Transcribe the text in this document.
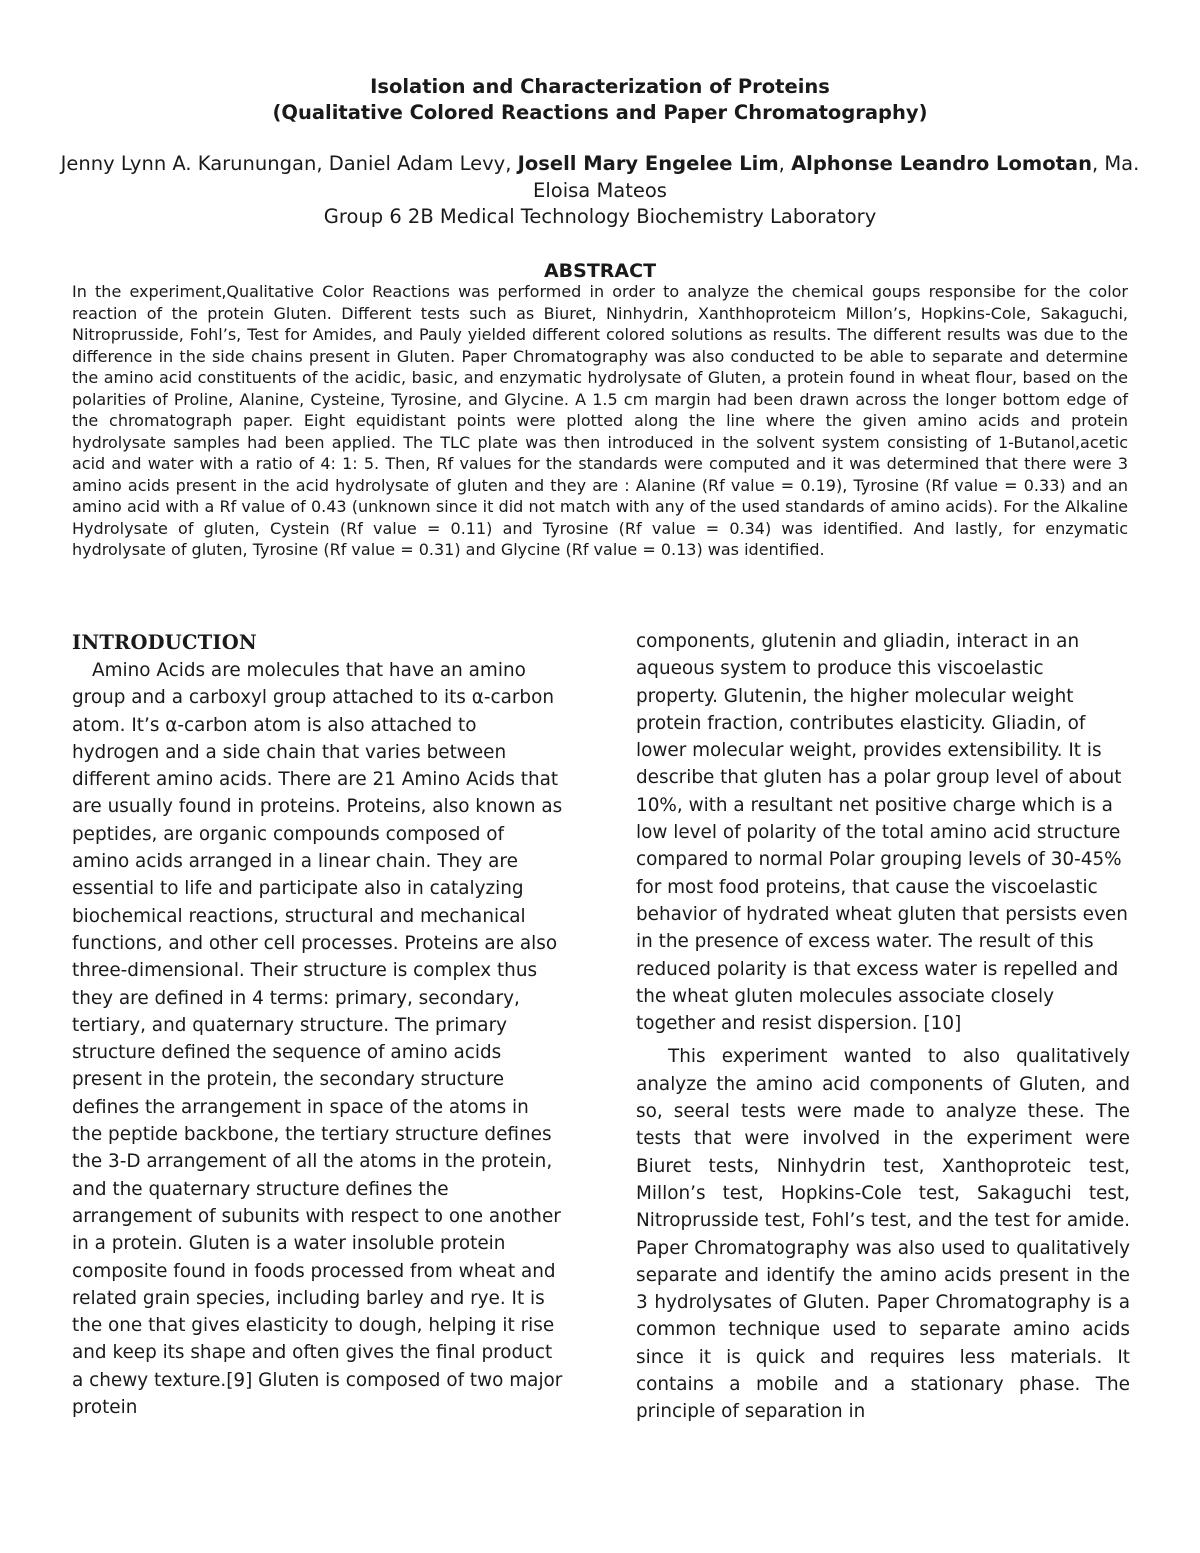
Isolation and Characterization of Proteins
(Qualitative Colored Reactions and Paper Chromatography)
Jenny Lynn A. Karunungan, Daniel Adam Levy, Josell Mary Engelee Lim, Alphonse Leandro Lomotan, Ma. Eloisa Mateos
Group 6 2B Medical Technology Biochemistry Laboratory
ABSTRACT

In the experiment,Qualitative Color Reactions was performed in order to analyze the chemical goups responsibe for the color reaction of the protein Gluten. Different tests such as Biuret, Ninhydrin, Xanthhoproteicm Millon’s, Hopkins-Cole, Sakaguchi, Nitroprusside, Fohl’s, Test for Amides, and Pauly yielded different colored solutions as results. The different results was due to the difference in the side chains present in Gluten. Paper Chromatography was also conducted to be able to separate and determine the amino acid constituents of the acidic, basic, and enzymatic hydrolysate of Gluten, a protein found in wheat flour, based on the polarities of Proline, Alanine, Cysteine, Tyrosine, and Glycine. A 1.5 cm margin had been drawn across the longer bottom edge of the chromatograph paper. Eight equidistant points were plotted along the line where the given amino acids and protein hydrolysate samples had been applied. The TLC plate was then introduced in the solvent system consisting of 1-Butanol,acetic acid and water with a ratio of 4: 1: 5. Then, Rf values for the standards were computed and it was determined that there were 3 amino acids present in the acid hydrolysate of gluten and they are : Alanine (Rf value = 0.19), Tyrosine (Rf value = 0.33) and an amino acid with a Rf value of 0.43 (unknown since it did not match with any of the used standards of amino acids). For the Alkaline Hydrolysate of gluten, Cystein (Rf value = 0.11) and Tyrosine (Rf value = 0.34) was identified. And lastly, for enzymatic hydrolysate of gluten, Tyrosine (Rf value = 0.31) and Glycine (Rf value = 0.13) was identified.

INTRODUCTION

Amino Acids are molecules that have an amino group and a carboxyl group attached to its α-carbon atom. It’s α-carbon atom is also attached to hydrogen and a side chain that varies between different amino acids. There are 21 Amino Acids that are usually found in proteins. Proteins, also known as peptides, are organic compounds composed of amino acids arranged in a linear chain. They are essential to life and participate also in catalyzing biochemical reactions, structural and mechanical functions, and other cell processes. Proteins are also three-dimensional. Their structure is complex thus they are defined in 4 terms: primary, secondary, tertiary, and quaternary structure. The primary structure defined the sequence of amino acids present in the protein, the secondary structure defines the arrangement in space of the atoms in the peptide backbone, the tertiary structure defines the 3-D arrangement of all the atoms in the protein, and the quaternary structure defines the arrangement of subunits with respect to one another in a protein. Gluten is a water insoluble protein composite found in foods processed from wheat and related grain species, including barley and rye. It is the one that gives elasticity to dough, helping it rise and keep its shape and often gives the final product a chewy texture.[9] Gluten is composed of two major protein

components, glutenin and gliadin, interact in an aqueous system to produce this viscoelastic property. Glutenin, the higher molecular weight protein fraction, contributes elasticity. Gliadin, of lower molecular weight, provides extensibility. It is describe that gluten has a polar group level of about 10%, with a resultant net positive charge which is a low level of polarity of the total amino acid structure compared to normal Polar grouping levels of 30-45% for most food proteins, that cause the viscoelastic behavior of hydrated wheat gluten that persists even in the presence of excess water. The result of this reduced polarity is that excess water is repelled and the wheat gluten molecules associate closely together and resist dispersion. [10]

This experiment wanted to also qualitatively analyze the amino acid components of Gluten, and so, seeral tests were made to analyze these. The tests that were involved in the experiment were Biuret tests, Ninhydrin test, Xanthoproteic test, Millon’s test, Hopkins-Cole test, Sakaguchi test, Nitroprusside test, Fohl’s test, and the test for amide. Paper Chromatography was also used to qualitatively separate and identify the amino acids present in the 3 hydrolysates of Gluten. Paper Chromatography is a common technique used to separate amino acids since it is quick and requires less materials. It contains a mobile and a stationary phase. The principle of separation in
